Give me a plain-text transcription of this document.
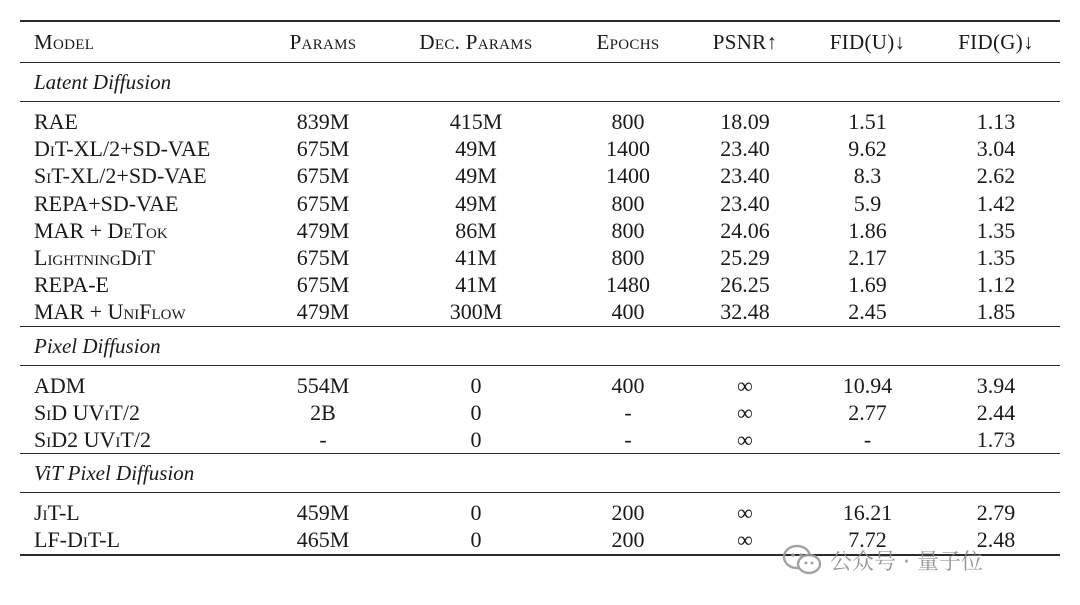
Model	Params	Dec. Params	Epochs	PSNR↑	FID(U)↓	FID(G)↓
Latent Diffusion						
RAE	839M	415M	800	18.09	1.51	1.13
DiT-XL/2+SD-VAE	675M	49M	1400	23.40	9.62	3.04
SiT-XL/2+SD-VAE	675M	49M	1400	23.40	8.3	2.62
REPA+SD-VAE	675M	49M	800	23.40	5.9	1.42
MAR + DeTok	479M	86M	800	24.06	1.86	1.35
LightningDiT	675M	41M	800	25.29	2.17	1.35
REPA-E	675M	41M	1480	26.25	1.69	1.12
MAR + UniFlow	479M	300M	400	32.48	2.45	1.85
Pixel Diffusion						
ADM	554M	0	400	∞	10.94	3.94
SiD UViT/2	2B	0	-	∞	2.77	2.44
SiD2 UViT/2	-	0	-	∞	-	1.73
ViT Pixel Diffusion						
JiT-L	459M	0	200	∞	16.21	2.79
LF-DiT-L	465M	0	200	∞	7.72	2.48
公众号 · 量子位
